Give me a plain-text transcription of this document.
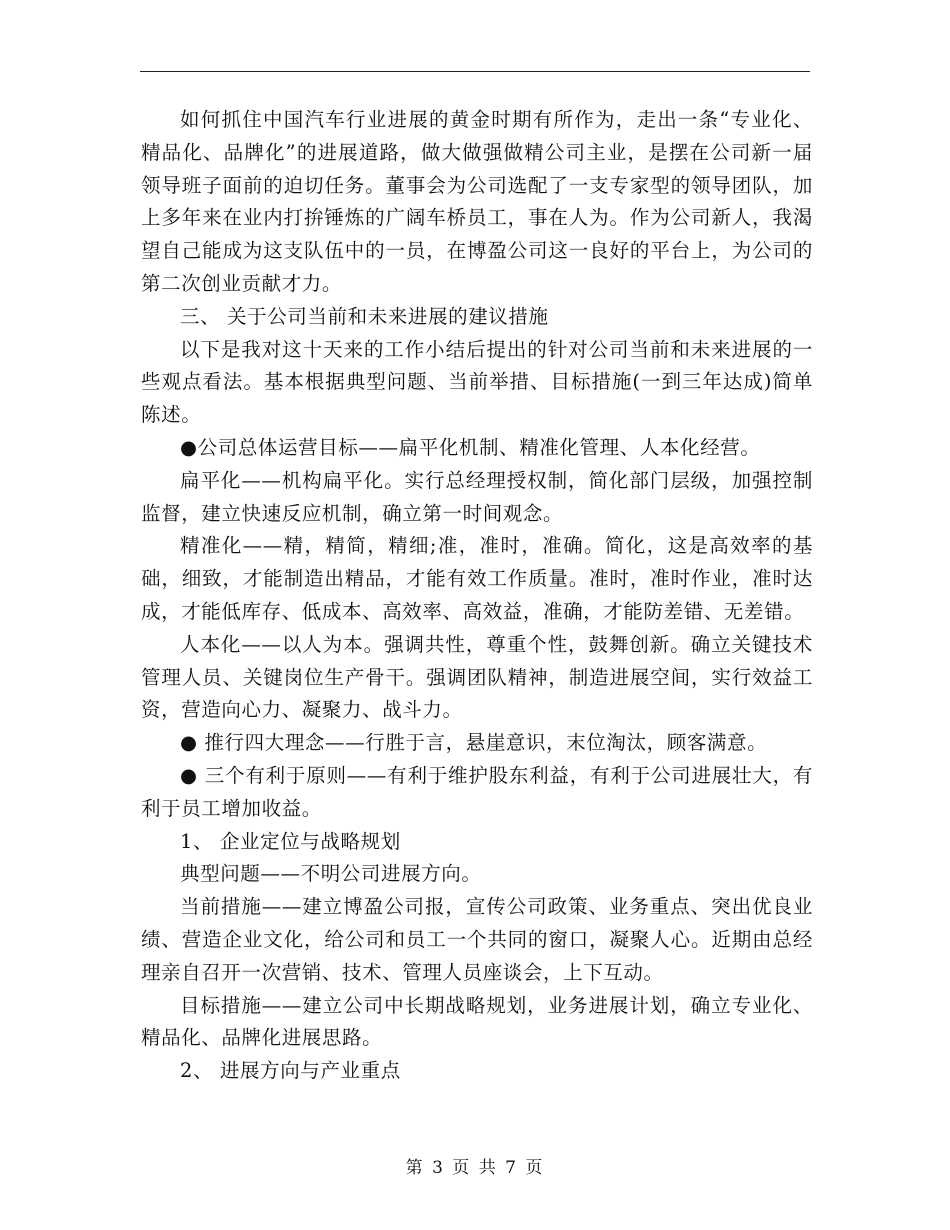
如何抓住中国汽车行业进展的黄金时期有所作为，走出一条“专业化、精品化、品牌化”的进展道路，做大做强做精公司主业，是摆在公司新一届领导班子面前的迫切任务。董事会为公司选配了一支专家型的领导团队，加上多年来在业内打拚锤炼的广阔车桥员工，事在人为。作为公司新人，我渴望自己能成为这支队伍中的一员，在博盈公司这一良好的平台上，为公司的第二次创业贡献才力。

三、 关于公司当前和未来进展的建议措施

以下是我对这十天来的工作小结后提出的针对公司当前和未来进展的一些观点看法。基本根据典型问题、当前举措、目标措施(一到三年达成)简单陈述。

●公司总体运营目标——扁平化机制、精准化管理、人本化经营。

扁平化——机构扁平化。实行总经理授权制，简化部门层级，加强控制监督，建立快速反应机制，确立第一时间观念。

精准化——精，精简，精细;准，准时，准确。简化，这是高效率的基础，细致，才能制造出精品，才能有效工作质量。准时，准时作业，准时达成，才能低库存、低成本、高效率、高效益，准确，才能防差错、无差错。

人本化——以人为本。强调共性，尊重个性，鼓舞创新。确立关键技术管理人员、关键岗位生产骨干。强调团队精神，制造进展空间，实行效益工资，营造向心力、凝聚力、战斗力。

● 推行四大理念——行胜于言，悬崖意识，末位淘汰，顾客满意。

● 三个有利于原则——有利于维护股东利益，有利于公司进展壮大，有利于员工增加收益。

1、 企业定位与战略规划

典型问题——不明公司进展方向。

当前措施——建立博盈公司报，宣传公司政策、业务重点、突出优良业绩、营造企业文化，给公司和员工一个共同的窗口，凝聚人心。近期由总经理亲自召开一次营销、技术、管理人员座谈会，上下互动。

目标措施——建立公司中长期战略规划，业务进展计划，确立专业化、精品化、品牌化进展思路。

2、 进展方向与产业重点

第 3 页 共 7 页
